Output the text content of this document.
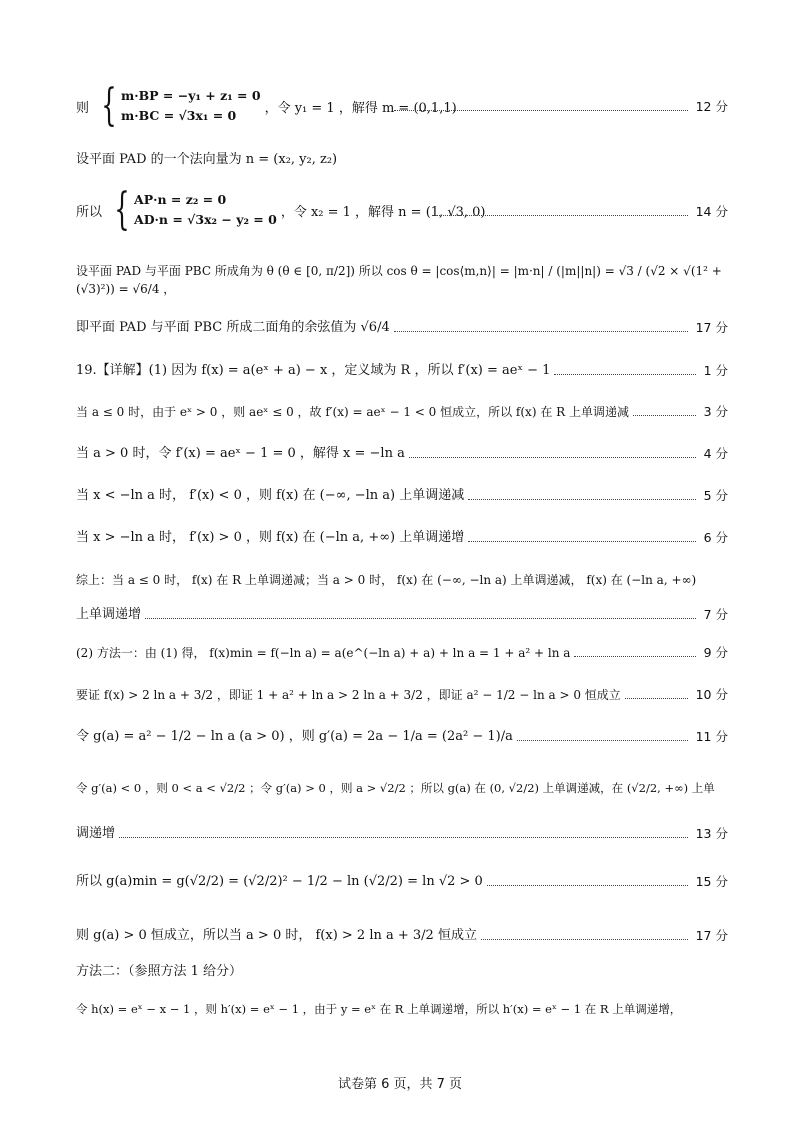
则 { m·BP = −y₁ + z₁ = 0
m·BC = √3x₁ = 0	，令 y₁ = 1 ，解得 m = (0,1,1)	12 分
设平面 PAD 的一个法向量为 n = (x₂, y₂, z₂)
所以 { AP·n = z₂ = 0
AD·n = √3x₂ − y₂ = 0 ，令 x₂ = 1 ，解得 n = (1, √3, 0)	14 分
设平面 PAD 与平面 PBC 所成角为 θ (θ ∈ [0, π/2]) 所以 cos θ = |cos⟨m,n⟩| = |m·n| / (|m||n|) = √3 / (√2 × √(1² + (√3)²)) = √6/4 ，
即平面 PAD 与平面 PBC 所成二面角的余弦值为 √6/4	17 分
19.【详解】(1) 因为 f(x) = a(eˣ + a) − x ，定义域为 R ，所以 f′(x) = aeˣ − 1	1 分
当 a ≤ 0 时，由于 eˣ > 0 ，则 aeˣ ≤ 0 ，故 f′(x) = aeˣ − 1 < 0 恒成立，所以 f(x) 在 R 上单调递减	3 分
当 a > 0 时，令 f′(x) = aeˣ − 1 = 0 ，解得 x = −ln a	4 分
当 x < −ln a 时， f′(x) < 0 ，则 f(x) 在 (−∞, −ln a) 上单调递减	5 分
当 x > −ln a 时， f′(x) > 0 ，则 f(x) 在 (−ln a, +∞) 上单调递增	6 分
综上：当 a ≤ 0 时， f(x) 在 R 上单调递减；当 a > 0 时， f(x) 在 (−∞, −ln a) 上单调递减， f(x) 在 (−ln a, +∞)
上单调递增	7 分
(2) 方法一：由 (1) 得， f(x)min = f(−ln a) = a(e^(−ln a) + a) + ln a = 1 + a² + ln a	9 分
要证 f(x) > 2 ln a + 3/2 ，即证 1 + a² + ln a > 2 ln a + 3/2 ，即证 a² − 1/2 − ln a > 0 恒成立	10 分
令 g(a) = a² − 1/2 − ln a (a > 0) ，则 g′(a) = 2a − 1/a = (2a² − 1)/a	11 分
令 g′(a) < 0 ，则 0 < a < √2/2 ；令 g′(a) > 0 ，则 a > √2/2 ；所以 g(a) 在 (0, √2/2) 上单调递减，在 (√2/2, +∞) 上单
调递增	13 分
所以 g(a)min = g(√2/2) = (√2/2)² − 1/2 − ln (√2/2) = ln √2 > 0	15 分
则 g(a) > 0 恒成立，所以当 a > 0 时， f(x) > 2 ln a + 3/2 恒成立	17 分
方法二：（参照方法 1 给分）
令 h(x) = eˣ − x − 1 ，则 h′(x) = eˣ − 1 ，由于 y = eˣ 在 R 上单调递增，所以 h′(x) = eˣ − 1 在 R 上单调递增，
试卷第 6 页，共 7 页
